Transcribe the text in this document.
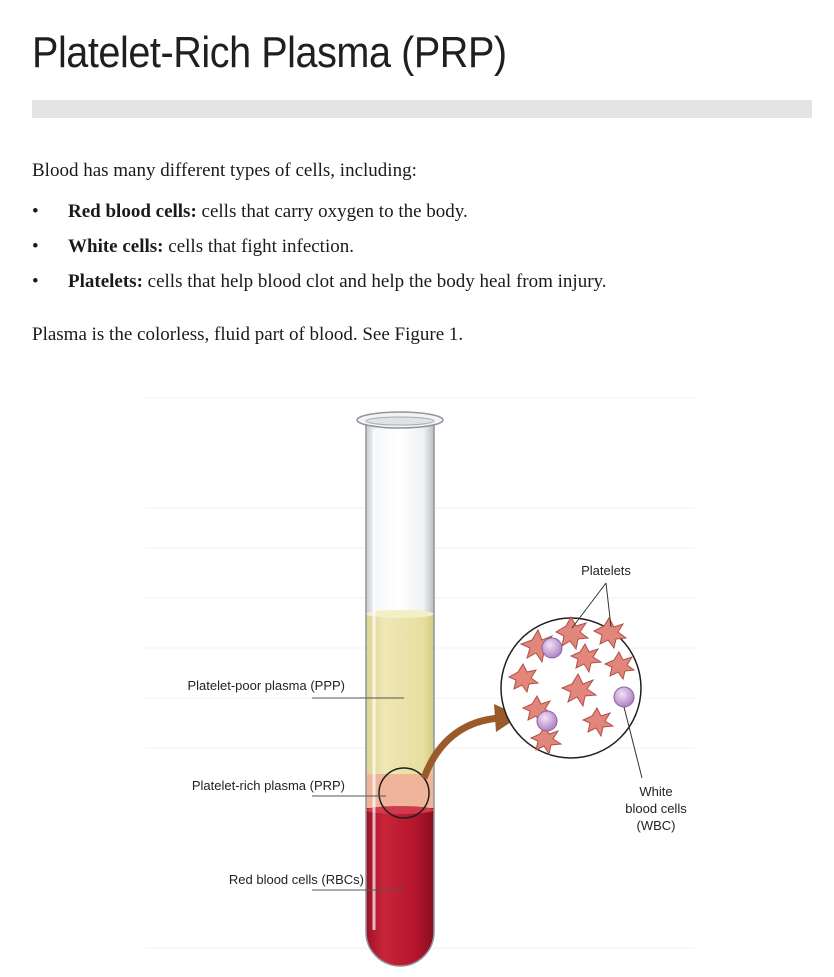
Platelet-Rich Plasma (PRP)

Blood has many different types of cells, including:

• Red blood cells: cells that carry oxygen to the body.
• White cells: cells that fight infection.
• Platelets: cells that help blood clot and help the body heal from injury.

Plasma is the colorless, fluid part of blood. See Figure 1.

Platelet-poor plasma (PPP)
Platelet-rich plasma (PRP)
Red blood cells (RBCs)
Platelets
White
blood cells
(WBC)
